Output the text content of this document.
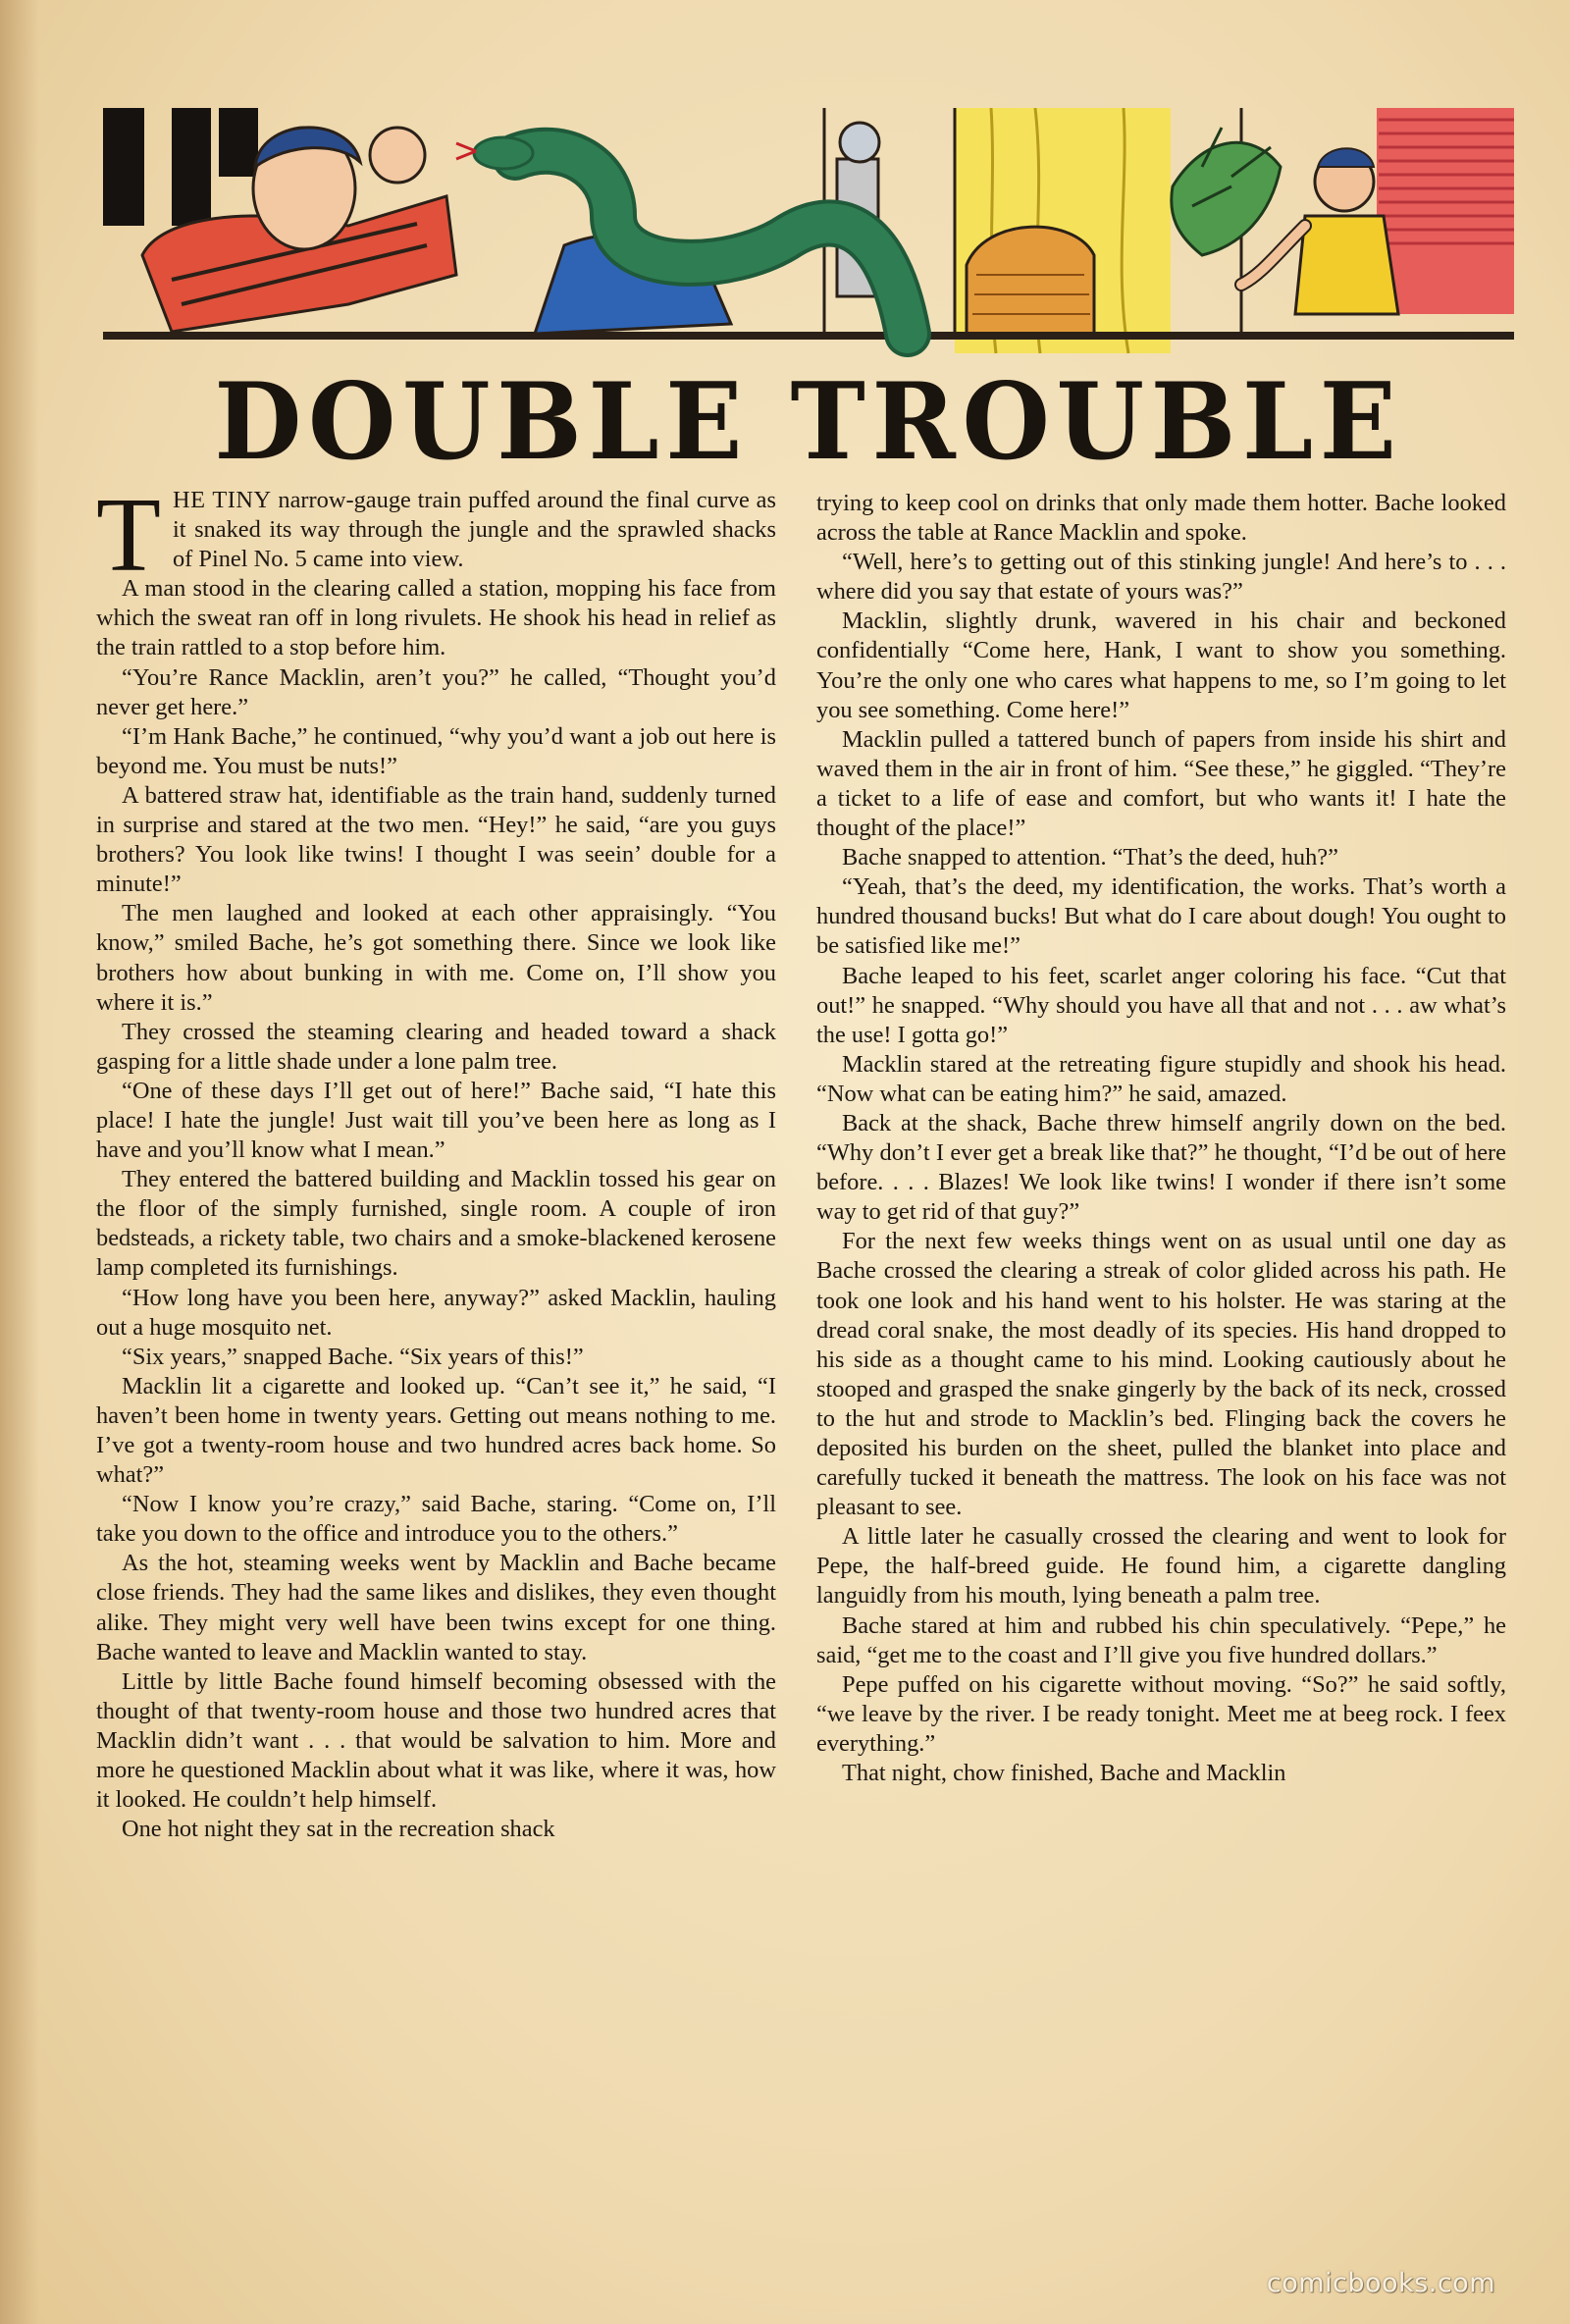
DOUBLE TROUBLE

THE TINY narrow-gauge train puffed around the final curve as it snaked its way through the jungle and the sprawled shacks of Pinel No. 5 came into view.

A man stood in the clearing called a station, mopping his face from which the sweat ran off in long rivulets. He shook his head in relief as the train rattled to a stop before him.

“You’re Rance Macklin, aren’t you?” he called, “Thought you’d never get here.”

“I’m Hank Bache,” he continued, “why you’d want a job out here is beyond me. You must be nuts!”

A battered straw hat, identifiable as the train hand, suddenly turned in surprise and stared at the two men. “Hey!” he said, “are you guys brothers? You look like twins! I thought I was seein’ double for a minute!”

The men laughed and looked at each other appraisingly. “You know,” smiled Bache, he’s got something there. Since we look like brothers how about bunking in with me. Come on, I’ll show you where it is.”

They crossed the steaming clearing and headed toward a shack gasping for a little shade under a lone palm tree.

“One of these days I’ll get out of here!” Bache said, “I hate this place! I hate the jungle! Just wait till you’ve been here as long as I have and you’ll know what I mean.”

They entered the battered building and Macklin tossed his gear on the floor of the simply furnished, single room. A couple of iron bedsteads, a rickety table, two chairs and a smoke-blackened kerosene lamp completed its furnishings.

“How long have you been here, anyway?” asked Macklin, hauling out a huge mosquito net.

“Six years,” snapped Bache. “Six years of this!”

Macklin lit a cigarette and looked up. “Can’t see it,” he said, “I haven’t been home in twenty years. Getting out means nothing to me. I’ve got a twenty-room house and two hundred acres back home. So what?”

“Now I know you’re crazy,” said Bache, staring. “Come on, I’ll take you down to the office and introduce you to the others.”

As the hot, steaming weeks went by Macklin and Bache became close friends. They had the same likes and dislikes, they even thought alike. They might very well have been twins except for one thing. Bache wanted to leave and Macklin wanted to stay.

Little by little Bache found himself becoming obsessed with the thought of that twenty-room house and those two hundred acres that Macklin didn’t want . . . that would be salvation to him. More and more he questioned Macklin about what it was like, where it was, how it looked. He couldn’t help himself.

One hot night they sat in the recreation shack

trying to keep cool on drinks that only made them hotter. Bache looked across the table at Rance Macklin and spoke.

“Well, here’s to getting out of this stinking jungle! And here’s to . . . where did you say that estate of yours was?”

Macklin, slightly drunk, wavered in his chair and beckoned confidentially “Come here, Hank, I want to show you something. You’re the only one who cares what happens to me, so I’m going to let you see something. Come here!”

Macklin pulled a tattered bunch of papers from inside his shirt and waved them in the air in front of him. “See these,” he giggled. “They’re a ticket to a life of ease and comfort, but who wants it! I hate the thought of the place!”

Bache snapped to attention. “That’s the deed, huh?”

“Yeah, that’s the deed, my identification, the works. That’s worth a hundred thousand bucks! But what do I care about dough! You ought to be satisfied like me!”

Bache leaped to his feet, scarlet anger coloring his face. “Cut that out!” he snapped. “Why should you have all that and not . . . aw what’s the use! I gotta go!”

Macklin stared at the retreating figure stupidly and shook his head. “Now what can be eating him?” he said, amazed.

Back at the shack, Bache threw himself angrily down on the bed. “Why don’t I ever get a break like that?” he thought, “I’d be out of here before. . . . Blazes! We look like twins! I wonder if there isn’t some way to get rid of that guy?”

For the next few weeks things went on as usual until one day as Bache crossed the clearing a streak of color glided across his path. He took one look and his hand went to his holster. He was staring at the dread coral snake, the most deadly of its species. His hand dropped to his side as a thought came to his mind. Looking cautiously about he stooped and grasped the snake gingerly by the back of its neck, crossed to the hut and strode to Macklin’s bed. Flinging back the covers he deposited his burden on the sheet, pulled the blanket into place and carefully tucked it beneath the mattress. The look on his face was not pleasant to see.

A little later he casually crossed the clearing and went to look for Pepe, the half-breed guide. He found him, a cigarette dangling languidly from his mouth, lying beneath a palm tree.

Bache stared at him and rubbed his chin speculatively. “Pepe,” he said, “get me to the coast and I’ll give you five hundred dollars.”

Pepe puffed on his cigarette without moving. “So?” he said softly, “we leave by the river. I be ready tonight. Meet me at beeg rock. I feex everything.”

That night, chow finished, Bache and Macklin

comicbooks.com
